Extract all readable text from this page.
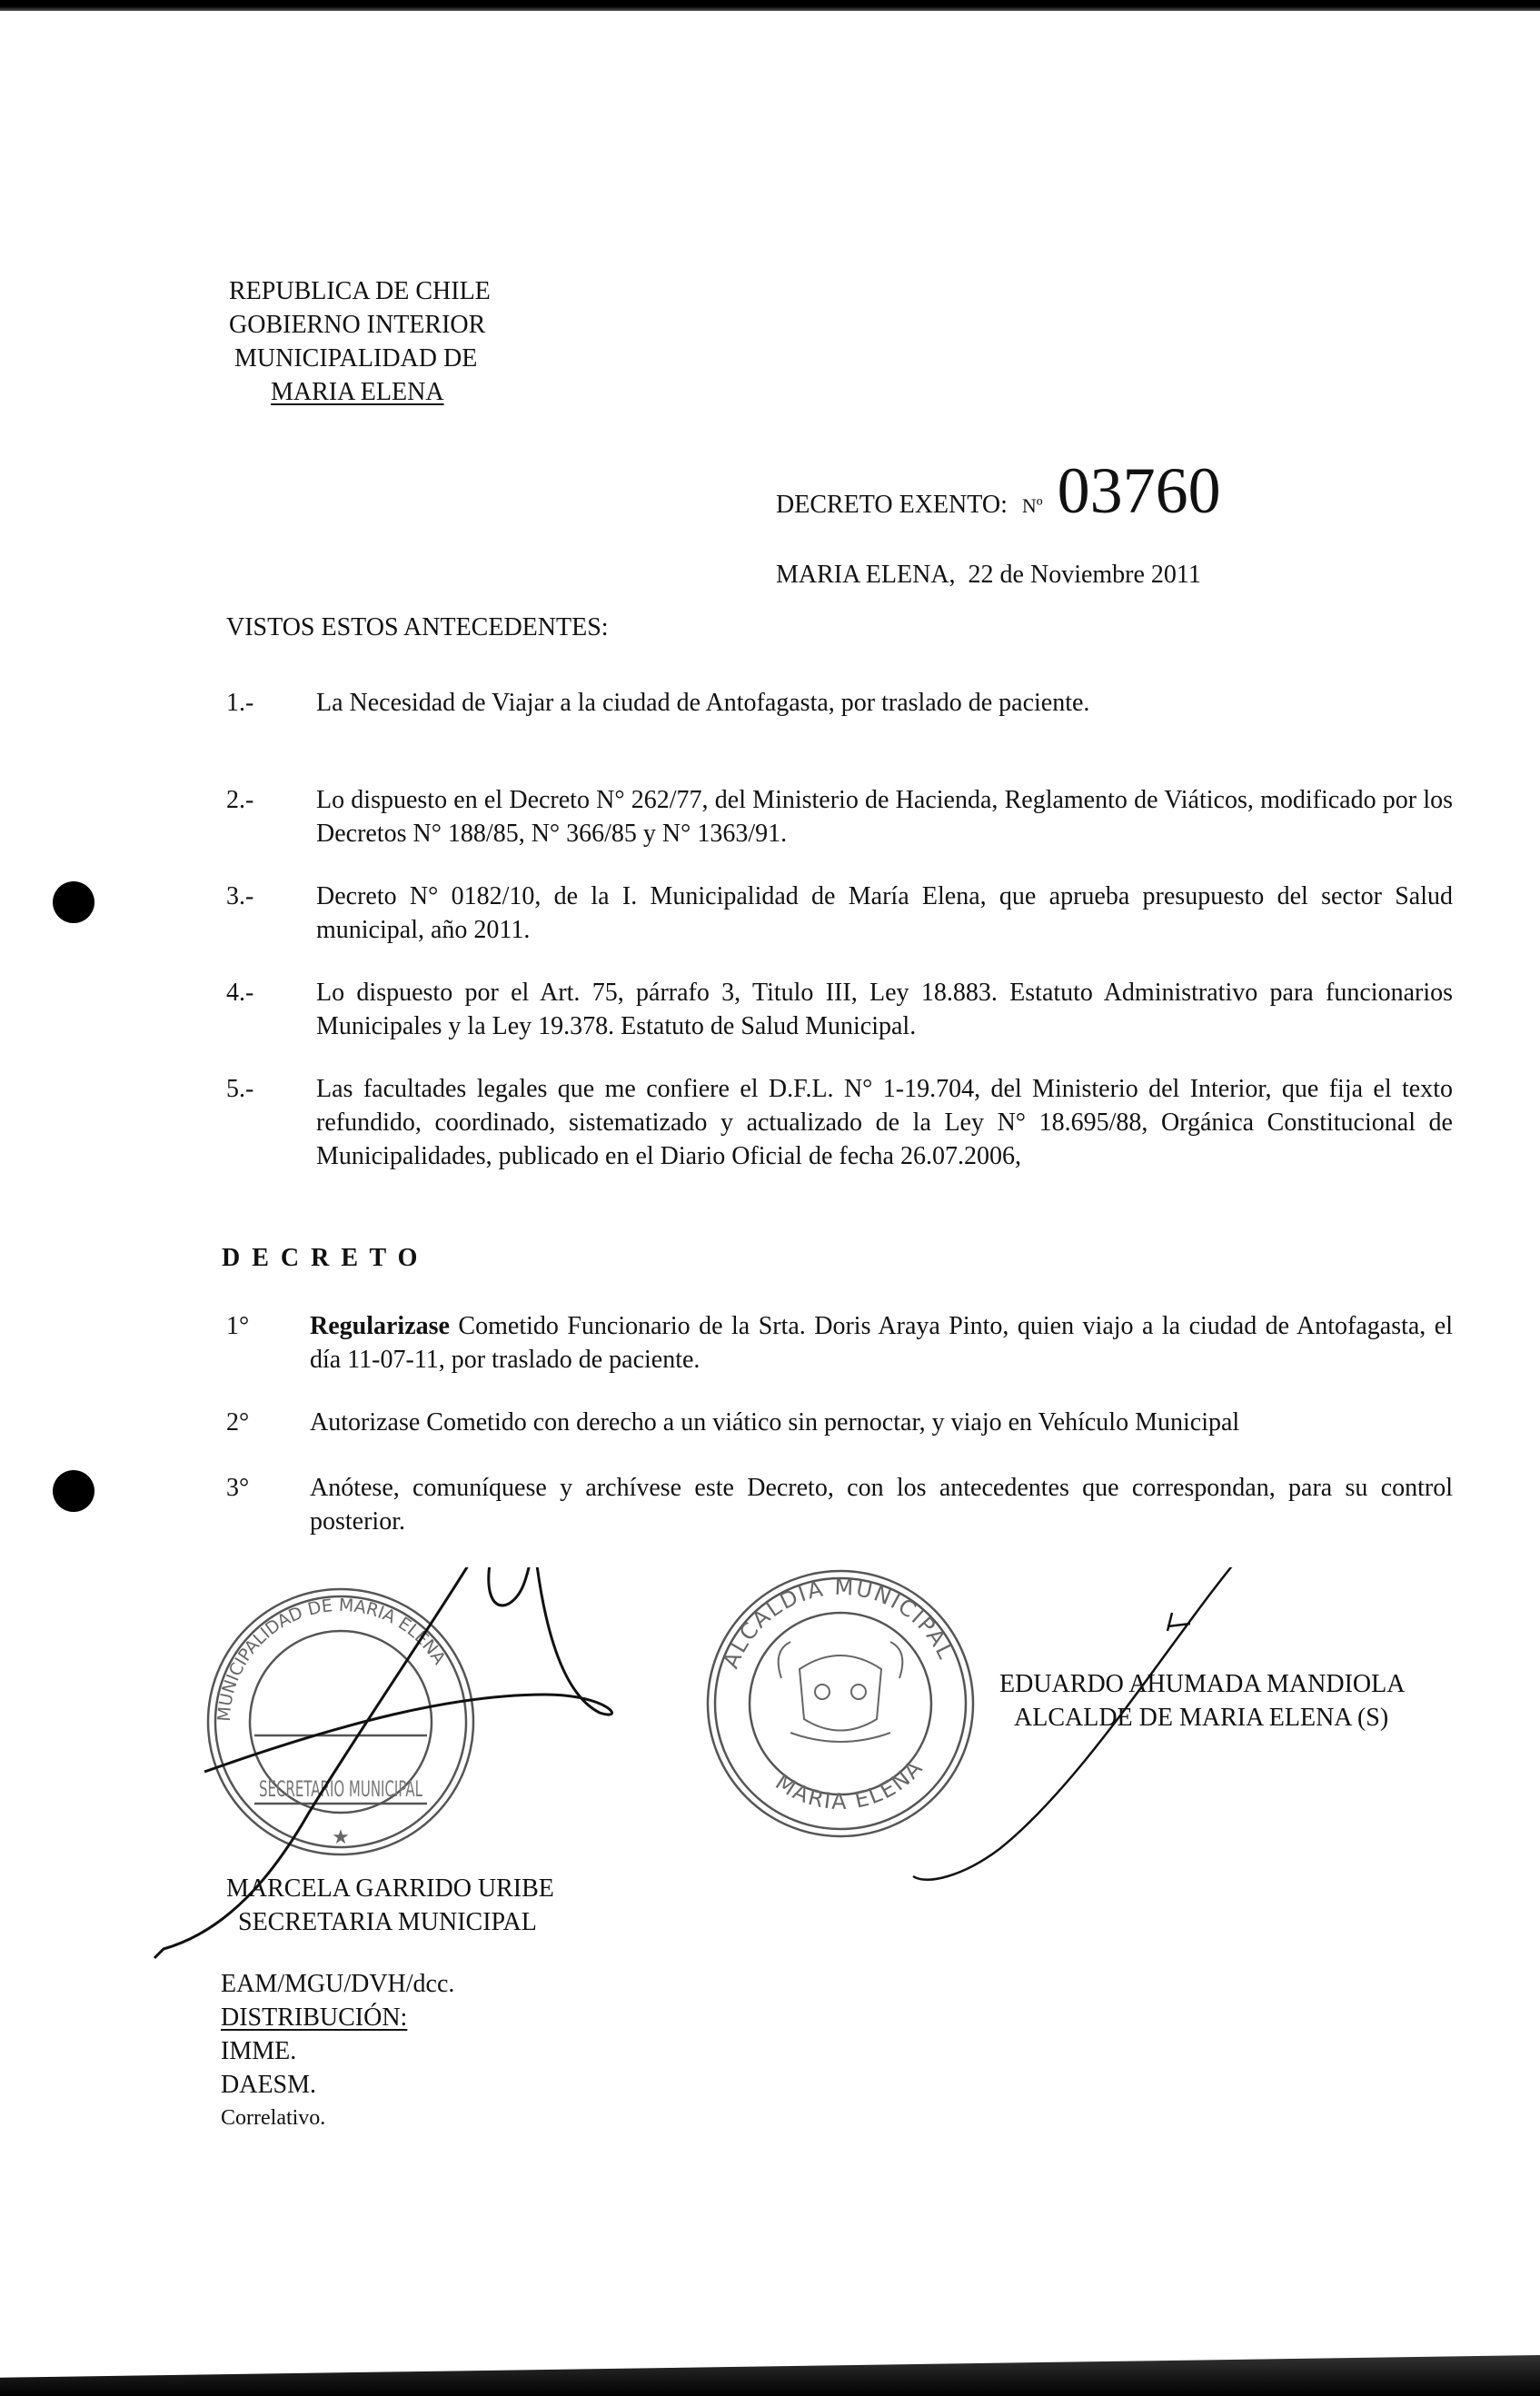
REPUBLICA DE CHILE
GOBIERNO INTERIOR
MUNICIPALIDAD DE
MARIA ELENA
DECRETO EXENTO: Nº 03760
MARIA ELENA, 22 de Noviembre 2011
VISTOS ESTOS ANTECEDENTES:
1.- La Necesidad de Viajar a la ciudad de Antofagasta, por traslado de paciente.
2.- Lo dispuesto en el Decreto N° 262/77, del Ministerio de Hacienda, Reglamento de Viáticos, modificado por los Decretos N° 188/85, N° 366/85 y N° 1363/91.
3.- Decreto N° 0182/10, de la I. Municipalidad de María Elena, que aprueba presupuesto del sector Salud municipal, año 2011.
4.- Lo dispuesto por el Art. 75, párrafo 3, Titulo III, Ley 18.883. Estatuto Administrativo para funcionarios Municipales y la Ley 19.378. Estatuto de Salud Municipal.
5.- Las facultades legales que me confiere el D.F.L. N° 1-19.704, del Ministerio del Interior, que fija el texto refundido, coordinado, sistematizado y actualizado de la Ley N° 18.695/88, Orgánica Constitucional de Municipalidades, publicado en el Diario Oficial de fecha 26.07.2006,
D E C R E T O
1° Regularizase Cometido Funcionario de la Srta. Doris Araya Pinto, quien viajo a la ciudad de Antofagasta, el día 11-07-11, por traslado de paciente.
2° Autorizase Cometido con derecho a un viático sin pernoctar, y viajo en Vehículo Municipal
3° Anótese, comuníquese y archívese este Decreto, con los antecedentes que correspondan, para su control posterior.
MUNICIPALIDAD DE MARIA ELENA
SECRETARIO MUNICIPAL
★
ALCALDIA MUNICIPAL
MARIA ELENA
MARCELA GARRIDO URIBE
SECRETARIA MUNICIPAL
EDUARDO AHUMADA MANDIOLA
ALCALDE DE MARIA ELENA (S)
EAM/MGU/DVH/dcc.
DISTRIBUCIÓN:
IMME.
DAESM.
Correlativo.
